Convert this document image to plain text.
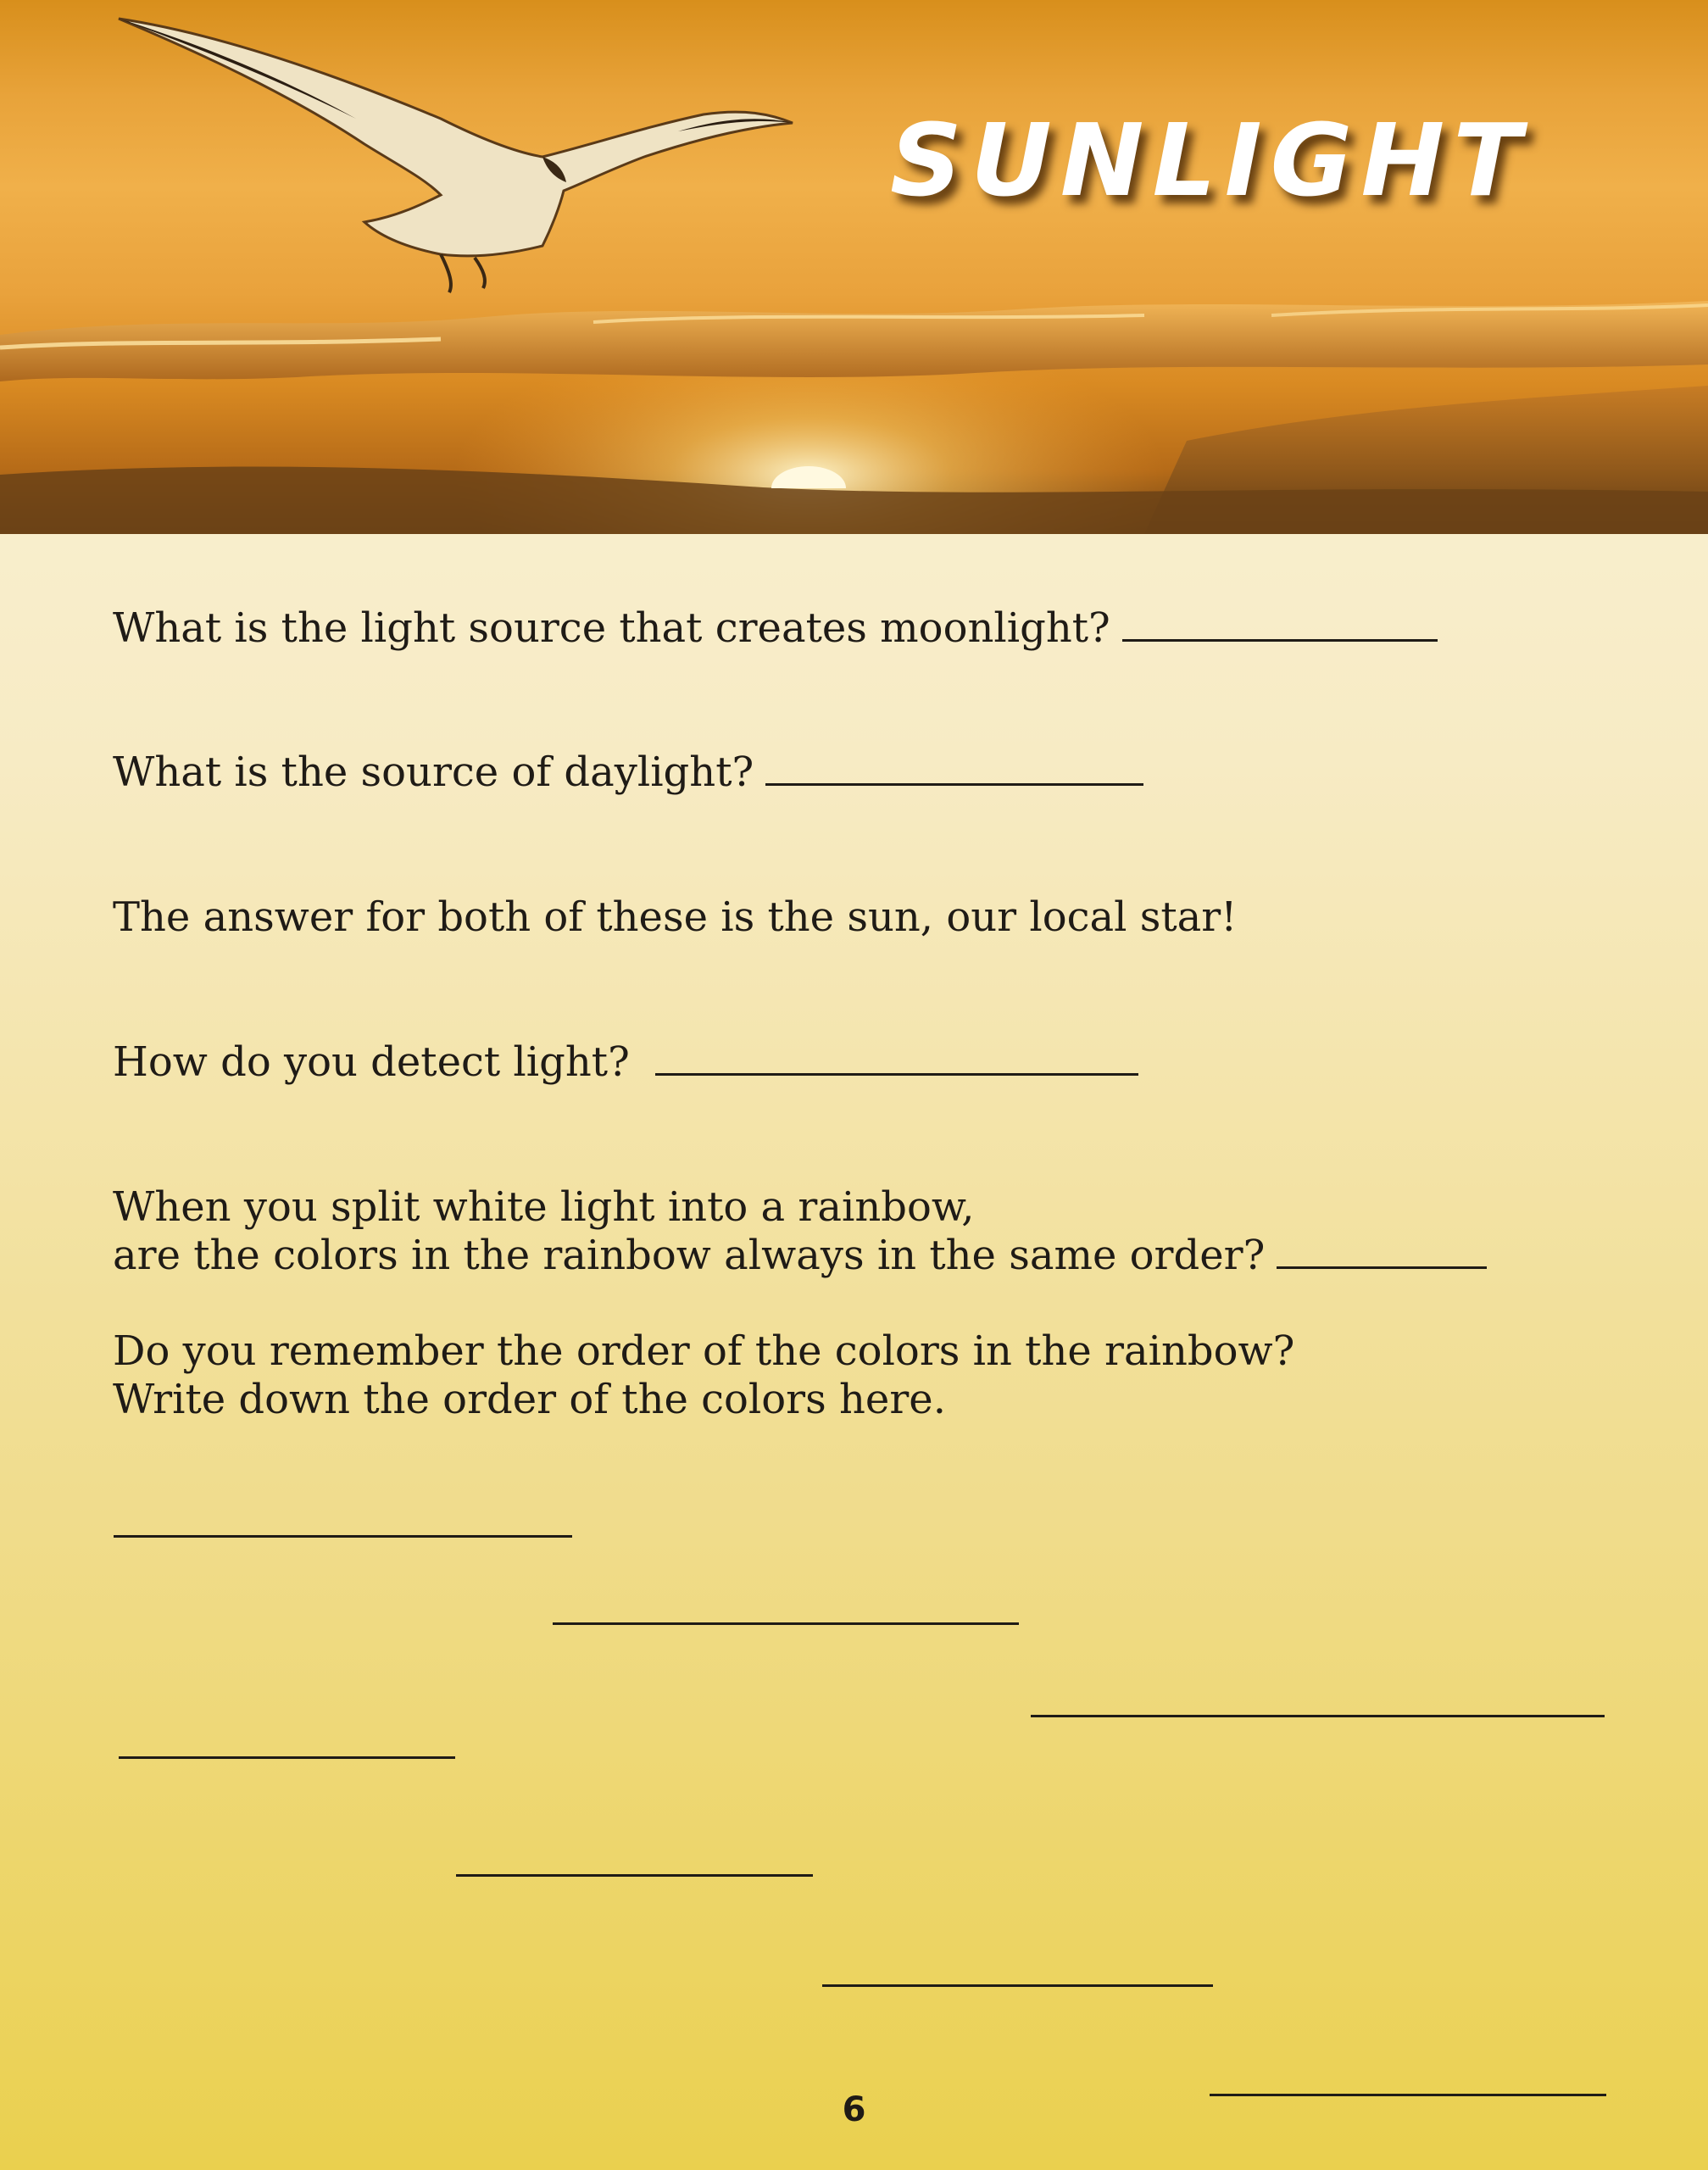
SUNLIGHT

What is the light source that creates moonlight?

What is the source of daylight?

The answer for both of these is the sun, our local star!

How do you detect light?

When you split white light into a rainbow,
are the colors in the rainbow always in the same order?
Do you remember the order of the colors in the rainbow?
Write down the order of the colors here.
6
